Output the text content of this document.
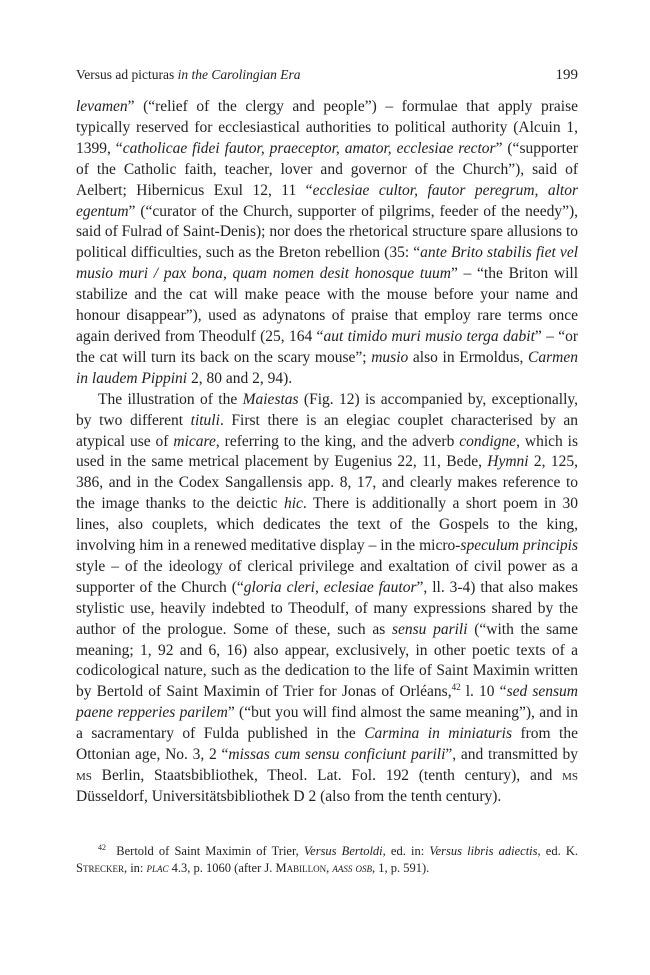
Versus ad picturas in the Carolingian Era	199

levamen” (“relief of the clergy and people”) – formulae that apply praise typically reserved for ecclesiastical authorities to political authority (Alcuin 1, 1399, “catholicae fidei fautor, praeceptor, amator, ecclesiae rector” (“supporter of the Catholic faith, teacher, lover and governor of the Church”), said of Aelbert; Hibernicus Exul 12, 11 “ecclesiae cultor, fautor peregrum, altor egentum” (“curator of the Church, supporter of pilgrims, feeder of the needy”), said of Fulrad of Saint-Denis); nor does the rhetorical structure spare allusions to political difficulties, such as the Breton rebellion (35: “ante Brito stabilis fiet vel musio muri / pax bona, quam nomen desit honosque tuum” – “the Briton will stabilize and the cat will make peace with the mouse before your name and honour disappear”), used as adynatons of praise that employ rare terms once again derived from Theodulf (25, 164 “aut timido muri musio terga dabit” – “or the cat will turn its back on the scary mouse”; musio also in Ermoldus, Carmen in laudem Pippini 2, 80 and 2, 94).

The illustration of the Maiestas (Fig. 12) is accompanied by, exceptionally, by two different tituli. First there is an elegiac couplet characterised by an atypical use of micare, referring to the king, and the adverb condigne, which is used in the same metrical placement by Eugenius 22, 11, Bede, Hymni 2, 125, 386, and in the Codex Sangallensis app. 8, 17, and clearly makes reference to the image thanks to the deictic hic. There is additionally a short poem in 30 lines, also couplets, which dedicates the text of the Gospels to the king, involving him in a renewed meditative display – in the micro-speculum principis style – of the ideology of clerical privilege and exaltation of civil power as a supporter of the Church (“gloria cleri, eclesiae fautor”, ll. 3-4) that also makes stylistic use, heavily indebted to Theodulf, of many expressions shared by the author of the prologue. Some of these, such as sensu parili (“with the same meaning; 1, 92 and 6, 16) also appear, exclusively, in other poetic texts of a codicological nature, such as the dedication to the life of Saint Maximin written by Bertold of Saint Maximin of Trier for Jonas of Orléans,$^{42}$ l. 10 “sed sensum paene repperies parilem” (“but you will find almost the same meaning”), and in a sacramentary of Fulda published in the Carmina in miniaturis from the Ottonian age, No. 3, 2 “missas cum sensu conficiunt parili”, and transmitted by ms Berlin, Staatsbibliothek, Theol. Lat. Fol. 192 (tenth century), and ms Düsseldorf, Universitätsbibliothek D 2 (also from the tenth century).

$^{42}$ Bertold of Saint Maximin of Trier, Versus Bertoldi, ed. in: Versus libris adiectis, ed. K. Strecker, in: plac 4.3, p. 1060 (after J. Mabillon, aass osb, 1, p. 591).
